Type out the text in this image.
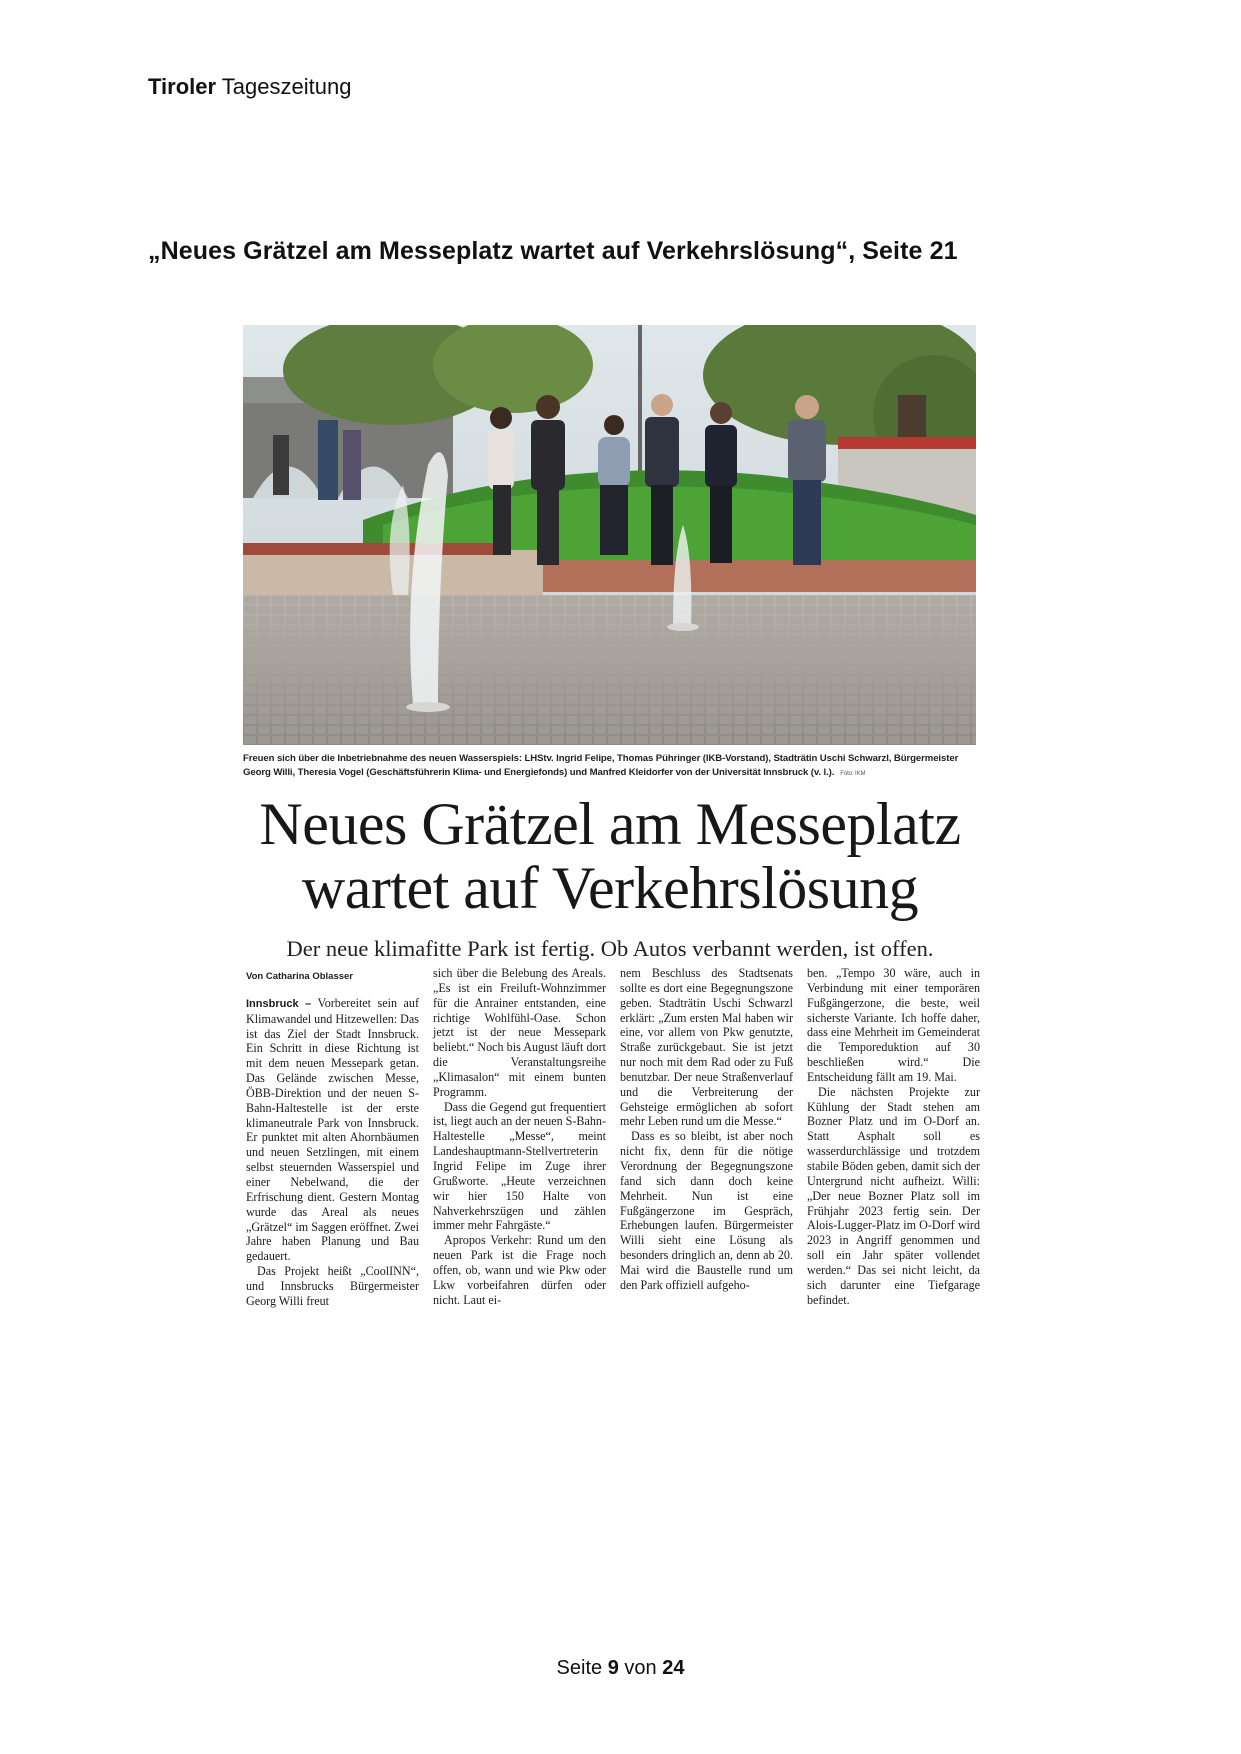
Tiroler Tageszeitung
„Neues Grätzel am Messeplatz wartet auf Verkehrslösung“, Seite 21
Freuen sich über die Inbetriebnahme des neuen Wasserspiels: LHStv. Ingrid Felipe, Thomas Pühringer (IKB-Vorstand), Stadträtin Uschi Schwarzl, Bürgermeister Georg Willi, Theresia Vogel (Geschäftsführerin Klima- und Energiefonds) und Manfred Kleidorfer von der Universität Innsbruck (v. l.). Foto: IKM
Neues Grätzel am Messeplatz
wartet auf Verkehrslösung
Der neue klimafitte Park ist fertig. Ob Autos verbannt werden, ist offen.
Von Catharina Oblasser

Innsbruck – Vorbereitet sein auf Klimawandel und Hitzewellen: Das ist das Ziel der Stadt Innsbruck. Ein Schritt in diese Richtung ist mit dem neuen Messepark getan. Das Gelände zwischen Messe, ÖBB-Direktion und der neuen S-Bahn-Haltestelle ist der erste klimaneutrale Park von Innsbruck. Er punktet mit alten Ahornbäumen und neuen Setzlingen, mit einem selbst steuernden Wasserspiel und einer Nebelwand, die der Erfrischung dient. Gestern Montag wurde das Areal als neues „Grätzel“ im Saggen eröffnet. Zwei Jahre haben Planung und Bau gedauert.

Das Projekt heißt „CoolINN“, und Innsbrucks Bürgermeister Georg Willi freut

sich über die Belebung des Areals. „Es ist ein Freiluft-Wohnzimmer für die Anrainer entstanden, eine richtige Wohlfühl-Oase. Schon jetzt ist der neue Messepark beliebt.“ Noch bis August läuft dort die Veranstaltungsreihe „Klimasalon“ mit einem bunten Programm.

Dass die Gegend gut frequentiert ist, liegt auch an der neuen S-Bahn-Haltestelle „Messe“, meint Landeshauptmann-Stellvertreterin Ingrid Felipe im Zuge ihrer Grußworte. „Heute verzeichnen wir hier 150 Halte von Nahverkehrszügen und zählen immer mehr Fahrgäste.“

Apropos Verkehr: Rund um den neuen Park ist die Frage noch offen, ob, wann und wie Pkw oder Lkw vorbeifahren dürfen oder nicht. Laut ei-

nem Beschluss des Stadtsenats sollte es dort eine Begegnungszone geben. Stadträtin Uschi Schwarzl erklärt: „Zum ersten Mal haben wir eine, vor allem von Pkw genutzte, Straße zurückgebaut. Sie ist jetzt nur noch mit dem Rad oder zu Fuß benutzbar. Der neue Straßenverlauf und die Verbreiterung der Gehsteige ermöglichen ab sofort mehr Leben rund um die Messe.“

Dass es so bleibt, ist aber noch nicht fix, denn für die nötige Verordnung der Begegnungszone fand sich dann doch keine Mehrheit. Nun ist eine Fußgängerzone im Gespräch, Erhebungen laufen. Bürgermeister Willi sieht eine Lösung als besonders dringlich an, denn ab 20. Mai wird die Baustelle rund um den Park offiziell aufgeho-

ben. „Tempo 30 wäre, auch in Verbindung mit einer temporären Fußgängerzone, die beste, weil sicherste Variante. Ich hoffe daher, dass eine Mehrheit im Gemeinderat die Temporeduktion auf 30 beschließen wird.“ Die Entscheidung fällt am 19. Mai.

Die nächsten Projekte zur Kühlung der Stadt stehen am Bozner Platz und im O-Dorf an. Statt Asphalt soll es wasserdurchlässige und trotzdem stabile Böden geben, damit sich der Untergrund nicht aufheizt. Willi: „Der neue Bozner Platz soll im Frühjahr 2023 fertig sein. Der Alois-Lugger-Platz im O-Dorf wird 2023 in Angriff genommen und soll ein Jahr später vollendet werden.“ Das sei nicht leicht, da sich darunter eine Tiefgarage befindet.

Seite 9 von 24
